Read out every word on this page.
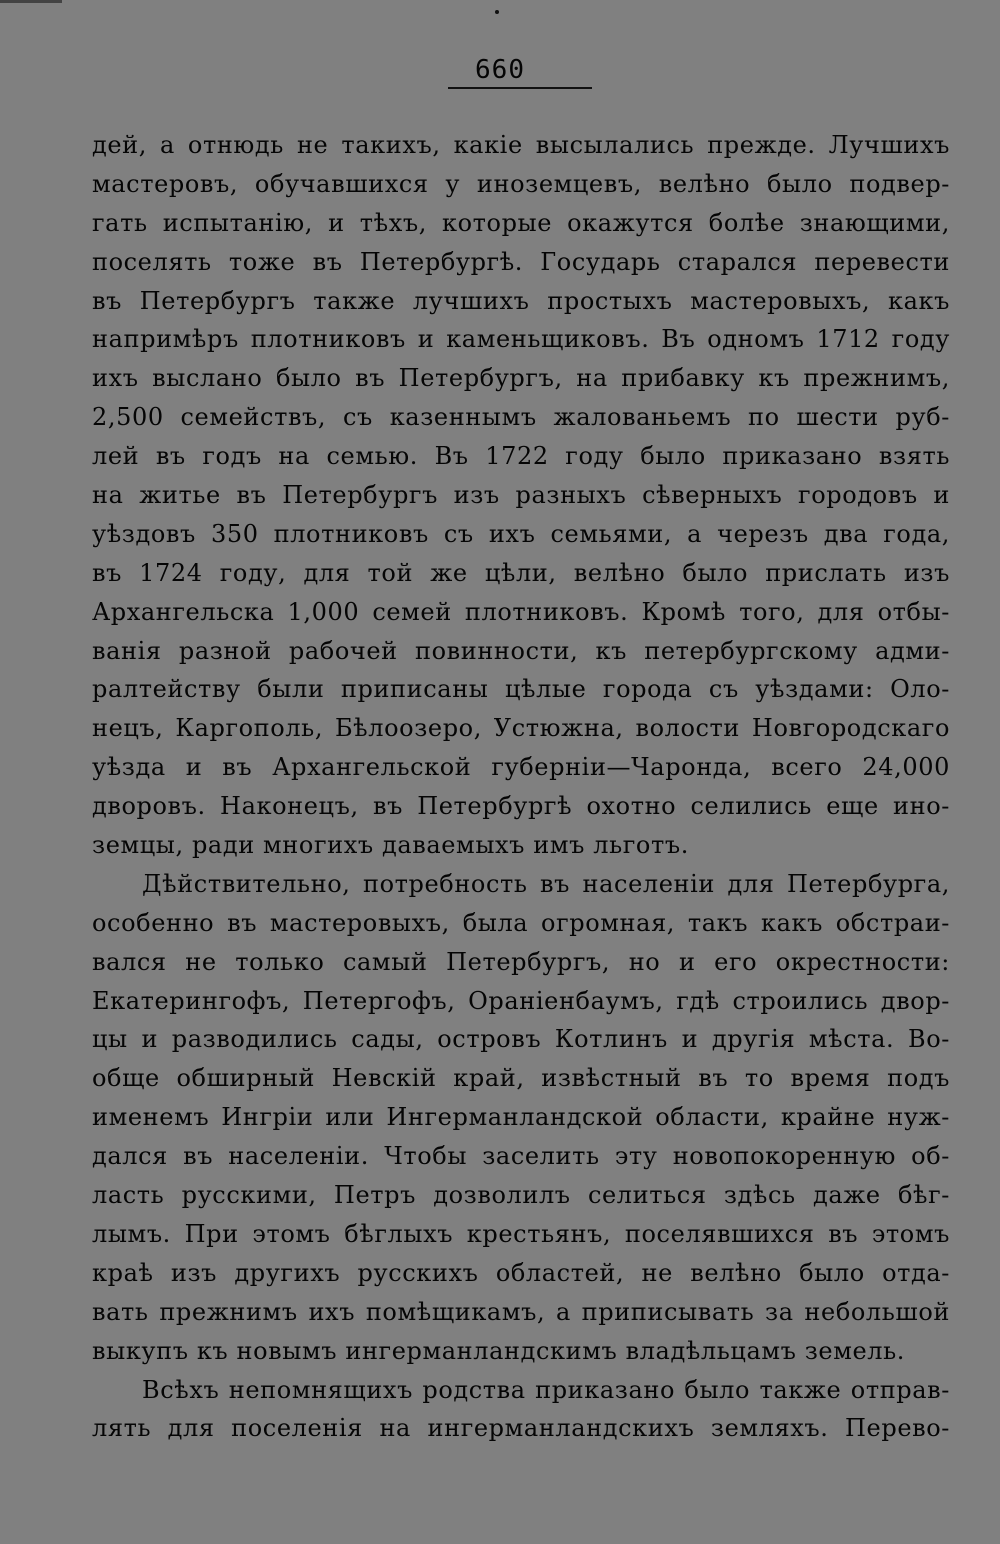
660
дей, а отнюдь не такихъ, какіе высылались прежде. Лучшихъ
мастеровъ, обучавшихся у иноземцевъ, велѣно было подвер-
гать испытанію, и тѣхъ, которые окажутся болѣе знающими,
поселять тоже въ Петербургѣ. Государь старался перевести
въ Петербургъ также лучшихъ простыхъ мастеровыхъ, какъ
напримѣръ плотниковъ и каменьщиковъ. Въ одномъ 1712 году
ихъ выслано было въ Петербургъ, на прибавку къ прежнимъ,
2,500 семействъ, съ казеннымъ жалованьемъ по шести руб-
лей въ годъ на семью. Въ 1722 году было приказано взять
на житье въ Петербургъ изъ разныхъ сѣверныхъ городовъ и
уѣздовъ 350 плотниковъ съ ихъ семьями, а черезъ два года,
въ 1724 году, для той же цѣли, велѣно было прислать изъ
Архангельска 1,000 семей плотниковъ. Кромѣ того, для отбы-
ванія разной рабочей повинности, къ петербургскому адми-
ралтейству были приписаны цѣлые города съ уѣздами: Оло-
нецъ, Каргополь, Бѣлоозеро, Устюжна, волости Новгородскаго
уѣзда и въ Архангельской губерніи—Чаронда, всего 24,000
дворовъ. Наконецъ, въ Петербургѣ охотно селились еще ино-
земцы, ради многихъ даваемыхъ имъ льготъ.
Дѣйствительно, потребность въ населеніи для Петербурга,
особенно въ мастеровыхъ, была огромная, такъ какъ обстраи-
вался не только самый Петербургъ, но и его окрестности:
Екатерингофъ, Петергофъ, Ораніенбаумъ, гдѣ строились двор-
цы и разводились сады, островъ Котлинъ и другія мѣста. Во-
обще обширный Невскій край, извѣстный въ то время подъ
именемъ Ингріи или Ингерманландской области, крайне нуж-
дался въ населеніи. Чтобы заселить эту новопокоренную об-
ласть русскими, Петръ дозволилъ селиться здѣсь даже бѣг-
лымъ. При этомъ бѣглыхъ крестьянъ, поселявшихся въ этомъ
краѣ изъ другихъ русскихъ областей, не велѣно было отда-
вать прежнимъ ихъ помѣщикамъ, а приписывать за небольшой
выкупъ къ новымъ ингерманландскимъ владѣльцамъ земель.
Всѣхъ непомнящихъ родства приказано было также отправ-
лять для поселенія на ингерманландскихъ земляхъ. Перево-
